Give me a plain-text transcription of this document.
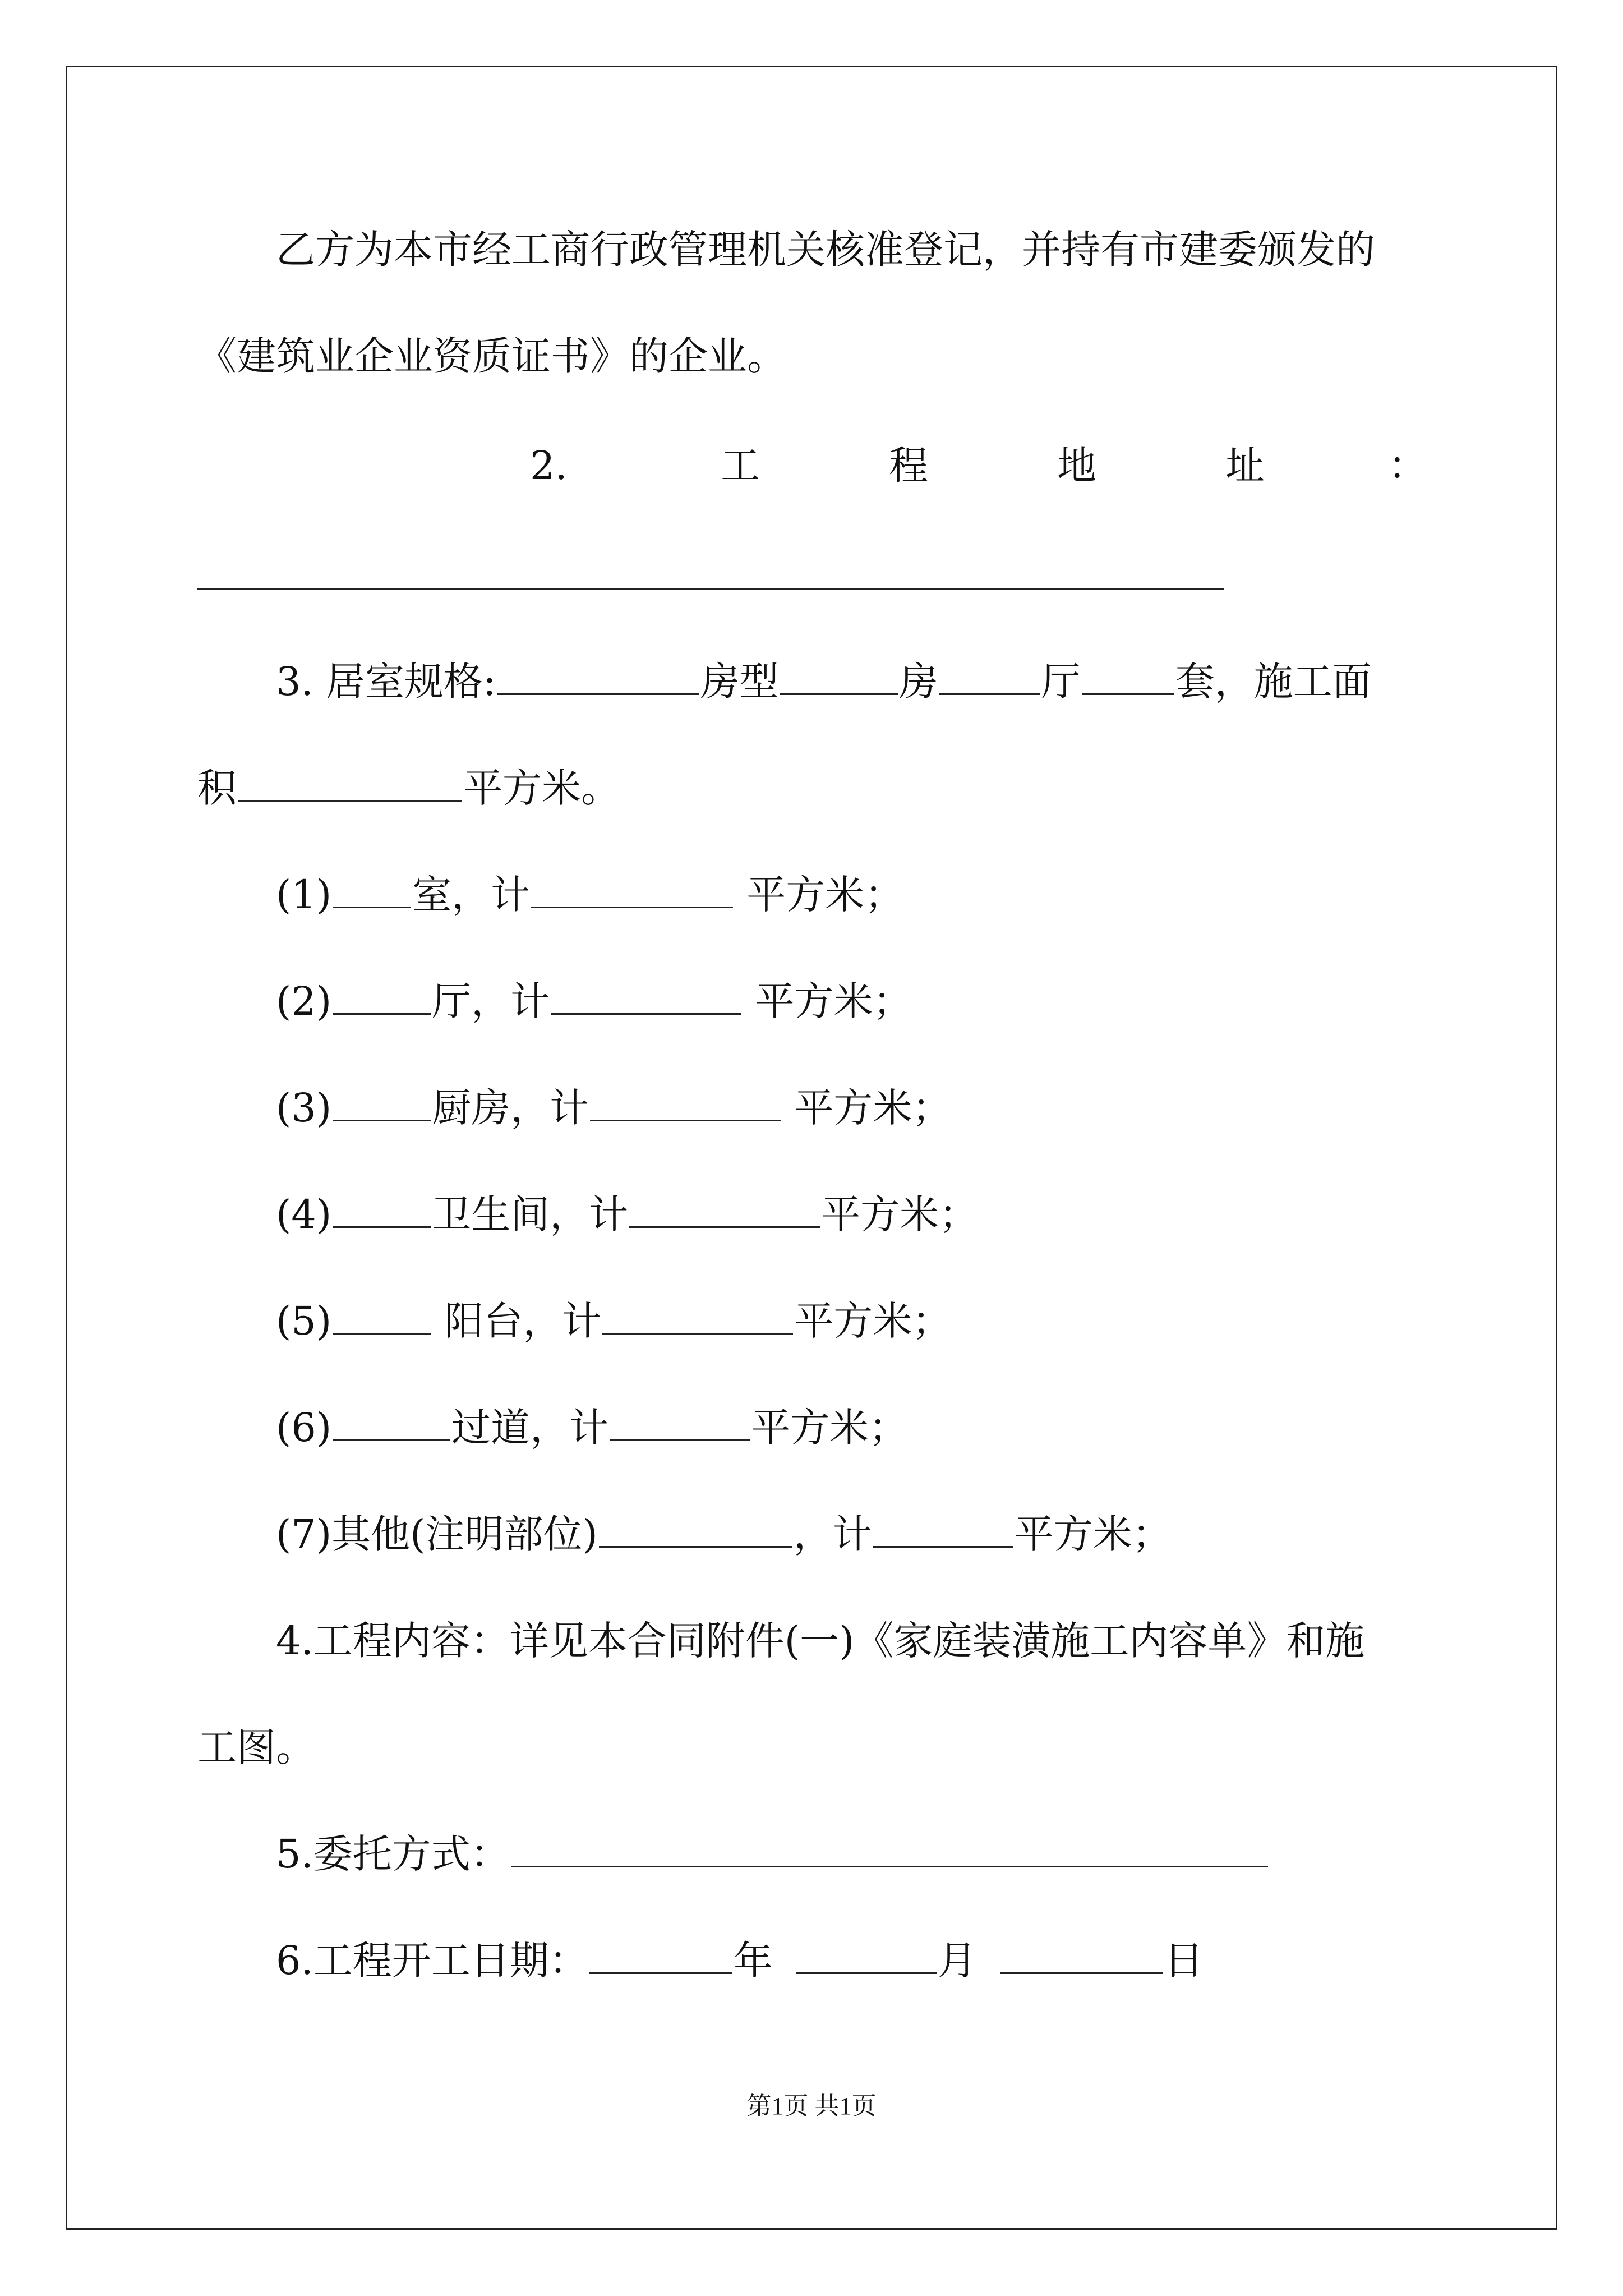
乙方为本市经工商行政管理机关核准登记，并持有市建委颁发的
《建筑业企业资质证书》的企业。
2.	工	程	地	址	：
3. 居室规格:	房型	房	厅 套，施工面
积	平方米。
(1) 室，计	平方米；
(2)	厅，计	平方米；
(3)	厨房，计	平方米；
(4)	卫生间，计	平方米；
(5)	阳台，计	平方米；
(6)	过道，计	平方米；
(7)其他(注明部位)	，计	平方米；
4.工程内容：详见本合同附件(一)《家庭装潢施工内容单》和施
工图。
5.委托方式：
6.工程开工日期：	年	月	日
第1页 共1页
